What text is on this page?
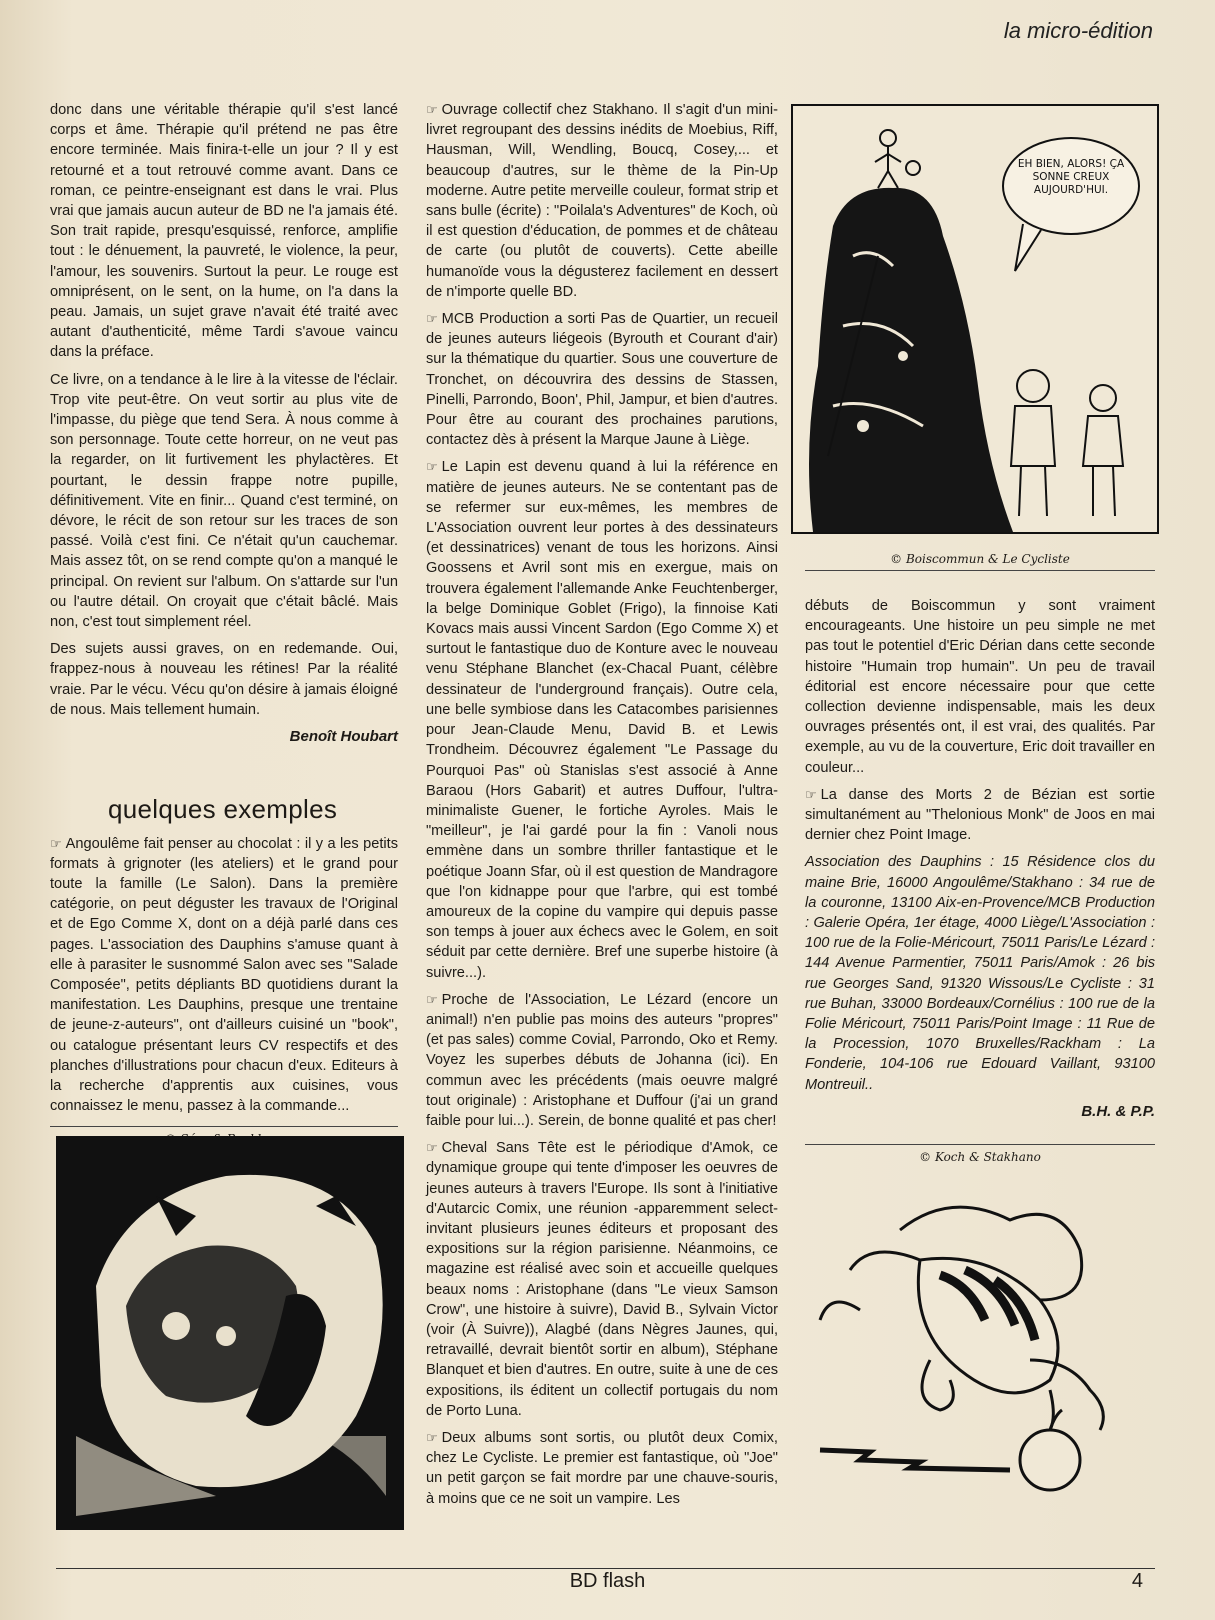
la micro-édition

donc dans une véritable thérapie qu'il s'est lancé corps et âme. Thérapie qu'il prétend ne pas être encore terminée. Mais finira-t-elle un jour ? Il y est retourné et a tout retrouvé comme avant. Dans ce roman, ce peintre-enseignant est dans le vrai. Plus vrai que jamais aucun auteur de BD ne l'a jamais été. Son trait rapide, presqu'esquissé, renforce, amplifie tout : le dénuement, la pauvreté, le violence, la peur, l'amour, les souvenirs. Surtout la peur. Le rouge est omniprésent, on le sent, on la hume, on l'a dans la peau. Jamais, un sujet grave n'avait été traité avec autant d'authenticité, même Tardi s'avoue vaincu dans la préface.

Ce livre, on a tendance à le lire à la vitesse de l'éclair. Trop vite peut-être. On veut sortir au plus vite de l'impasse, du piège que tend Sera. À nous comme à son personnage. Toute cette horreur, on ne veut pas la regarder, on lit furtivement les phylactères. Et pourtant, le dessin frappe notre pupille, définitivement. Vite en finir... Quand c'est terminé, on dévore, le récit de son retour sur les traces de son passé. Voilà c'est fini. Ce n'était qu'un cauchemar. Mais assez tôt, on se rend compte qu'on a manqué le principal. On revient sur l'album. On s'attarde sur l'un ou l'autre détail. On croyait que c'était bâclé. Mais non, c'est tout simplement réel.

Des sujets aussi graves, on en redemande. Oui, frappez-nous à nouveau les rétines! Par la réalité vraie. Par le vécu. Vécu qu'on désire à jamais éloigné de nous. Mais tellement humain.

Benoît Houbart
quelques exemples

☞ Angoulême fait penser au chocolat : il y a les petits formats à grignoter (les ateliers) et le grand pour toute la famille (Le Salon). Dans la première catégorie, on peut déguster les travaux de l'Original et de Ego Comme X, dont on a déjà parlé dans ces pages. L'association des Dauphins s'amuse quant à elle à parasiter le susnommé Salon avec ses "Salade Composée", petits dépliants BD quotidiens durant la manifestation. Les Dauphins, presque une trentaine de jeune-z-auteurs", ont d'ailleurs cuisiné un "book", ou catalogue présentant leurs CV respectifs et des planches d'illustrations pour chacun d'eux. Editeurs à la recherche d'apprentis aux cuisines, vous connaissez le menu, passez à la commande...

☞ Ouvrage collectif chez Stakhano. Il s'agit d'un mini-livret regroupant des dessins inédits de Moebius, Riff, Hausman, Will, Wendling, Boucq, Cosey,... et beaucoup d'autres, sur le thème de la Pin-Up moderne. Autre petite merveille couleur, format strip et sans bulle (écrite) : "Poilala's Adventures" de Koch, où il est question d'éducation, de pommes et de château de carte (ou plutôt de couverts). Cette abeille humanoïde vous la dégusterez facilement en dessert de n'importe quelle BD.

☞ MCB Production a sorti Pas de Quartier, un recueil de jeunes auteurs liégeois (Byrouth et Courant d'air) sur la thématique du quartier. Sous une couverture de Tronchet, on découvrira des dessins de Stassen, Pinelli, Parrondo, Boon', Phil, Jampur, et bien d'autres. Pour être au courant des prochaines parutions, contactez dès à présent la Marque Jaune à Liège.

☞ Le Lapin est devenu quand à lui la référence en matière de jeunes auteurs. Ne se contentant pas de se refermer sur eux-mêmes, les membres de L'Association ouvrent leur portes à des dessinateurs (et dessinatrices) venant de tous les horizons. Ainsi Goossens et Avril sont mis en exergue, mais on trouvera également l'allemande Anke Feuchtenberger, la belge Dominique Goblet (Frigo), la finnoise Kati Kovacs mais aussi Vincent Sardon (Ego Comme X) et surtout le fantastique duo de Konture avec le nouveau venu Stéphane Blanchet (ex-Chacal Puant, célèbre dessinateur de l'underground français). Outre cela, une belle symbiose dans les Catacombes parisiennes pour Jean-Claude Menu, David B. et Lewis Trondheim. Découvrez également "Le Passage du Pourquoi Pas" où Stanislas s'est associé à Anne Baraou (Hors Gabarit) et autres Duffour, l'ultra-minimaliste Guener, le fortiche Ayroles. Mais le "meilleur", je l'ai gardé pour la fin : Vanoli nous emmène dans un sombre thriller fantastique et le poétique Joann Sfar, où il est question de Mandragore que l'on kidnappe pour que l'arbre, qui est tombé amoureux de la copine du vampire qui depuis passe son temps à jouer aux échecs avec le Golem, en soit séduit par cette dernière. Bref une superbe histoire (à suivre...).

☞ Proche de l'Association, Le Lézard (encore un animal!) n'en publie pas moins des auteurs "propres" (et pas sales) comme Covial, Parrondo, Oko et Remy. Voyez les superbes débuts de Johanna (ici). En commun avec les précédents (mais oeuvre malgré tout originale) : Aristophane et Duffour (j'ai un grand faible pour lui...). Serein, de bonne qualité et pas cher!

☞ Cheval Sans Tête est le périodique d'Amok, ce dynamique groupe qui tente d'imposer les oeuvres de jeunes auteurs à travers l'Europe. Ils sont à l'initiative d'Autarcic Comix, une réunion -apparemment select- invitant plusieurs jeunes éditeurs et proposant des expositions sur la région parisienne. Néanmoins, ce magazine est réalisé avec soin et accueille quelques beaux noms : Aristophane (dans "Le vieux Samson Crow", une histoire à suivre), David B., Sylvain Victor (voir (À Suivre)), Alagbé (dans Nègres Jaunes, qui, retravaillé, devrait bientôt sortir en album), Stéphane Blanquet et bien d'autres. En outre, suite à une de ces expositions, ils éditent un collectif portugais du nom de Porto Luna.

☞ Deux albums sont sortis, ou plutôt deux Comix, chez Le Cycliste. Le premier est fantastique, où "Joe" un petit garçon se fait mordre par une chauve-souris, à moins que ce ne soit un vampire. Les

EH BIEN, ALORS! ÇA SONNE CREUX AUJOURD'HUI.
© Boiscommun & Le Cycliste

débuts de Boiscommun y sont vraiment encourageants. Une histoire un peu simple ne met pas tout le potentiel d'Eric Dérian dans cette seconde histoire "Humain trop humain". Un peu de travail éditorial est encore nécessaire pour que cette collection devienne indispensable, mais les deux ouvrages présentés ont, il est vrai, des qualités. Par exemple, au vu de la couverture, Eric doit travailler en couleur...

☞ La danse des Morts 2 de Bézian est sortie simultanément au "Thelonious Monk" de Joos en mai dernier chez Point Image.

Association des Dauphins : 15 Résidence clos du maine Brie, 16000 Angoulême/Stakhano : 34 rue de la couronne, 13100 Aix-en-Provence/MCB Production : Galerie Opéra, 1er étage, 4000 Liège/L'Association : 100 rue de la Folie-Méricourt, 75011 Paris/Le Lézard : 144 Avenue Parmentier, 75011 Paris/Amok : 26 bis rue Georges Sand, 91320 Wissous/Le Cycliste : 31 rue Buhan, 33000 Bordeaux/Cornélius : 100 rue de la Folie Méricourt, 75011 Paris/Point Image : 11 Rue de la Procession, 1070 Bruxelles/Rackham : La Fonderie, 104-106 rue Edouard Vaillant, 93100 Montreuil..

B.H. & P.P.
© Koch & Stakhano
BD flash	4
